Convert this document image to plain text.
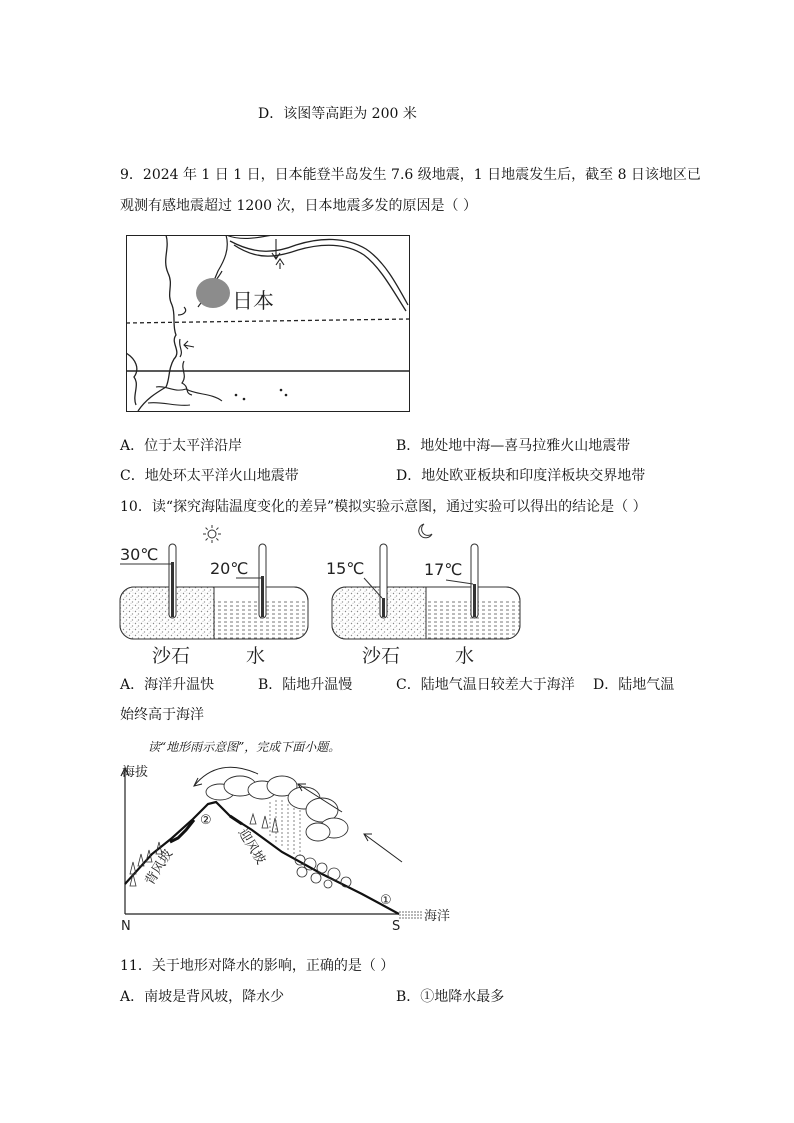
D．该图等高距为 200 米
9．2024 年 1 日 1 日，日本能登半岛发生 7.6 级地震，1 日地震发生后，截至 8 日该地区已
观测有感地震超过 1200 次，日本地震多发的原因是（ ）
日本
A．位于太平洋沿岸	B．地处地中海—喜马拉雅火山地震带
C．地处环太平洋火山地震带	D．地处欧亚板块和印度洋板块交界地带
10．读“探究海陆温度变化的差异”模拟实验示意图，通过实验可以得出的结论是（ ）
30℃
20℃
沙石	水
15℃	17℃
沙石	水
A．海洋升温快	B．陆地升温慢	C．陆地气温日较差大于海洋 D．陆地气温
始终高于海洋
读“地形雨示意图”，完成下面小题。
海拔
N	S
背风坡
迎风坡
②
①
海洋
11．关于地形对降水的影响，正确的是（ ）
A．南坡是背风坡，降水少	B．①地降水最多
